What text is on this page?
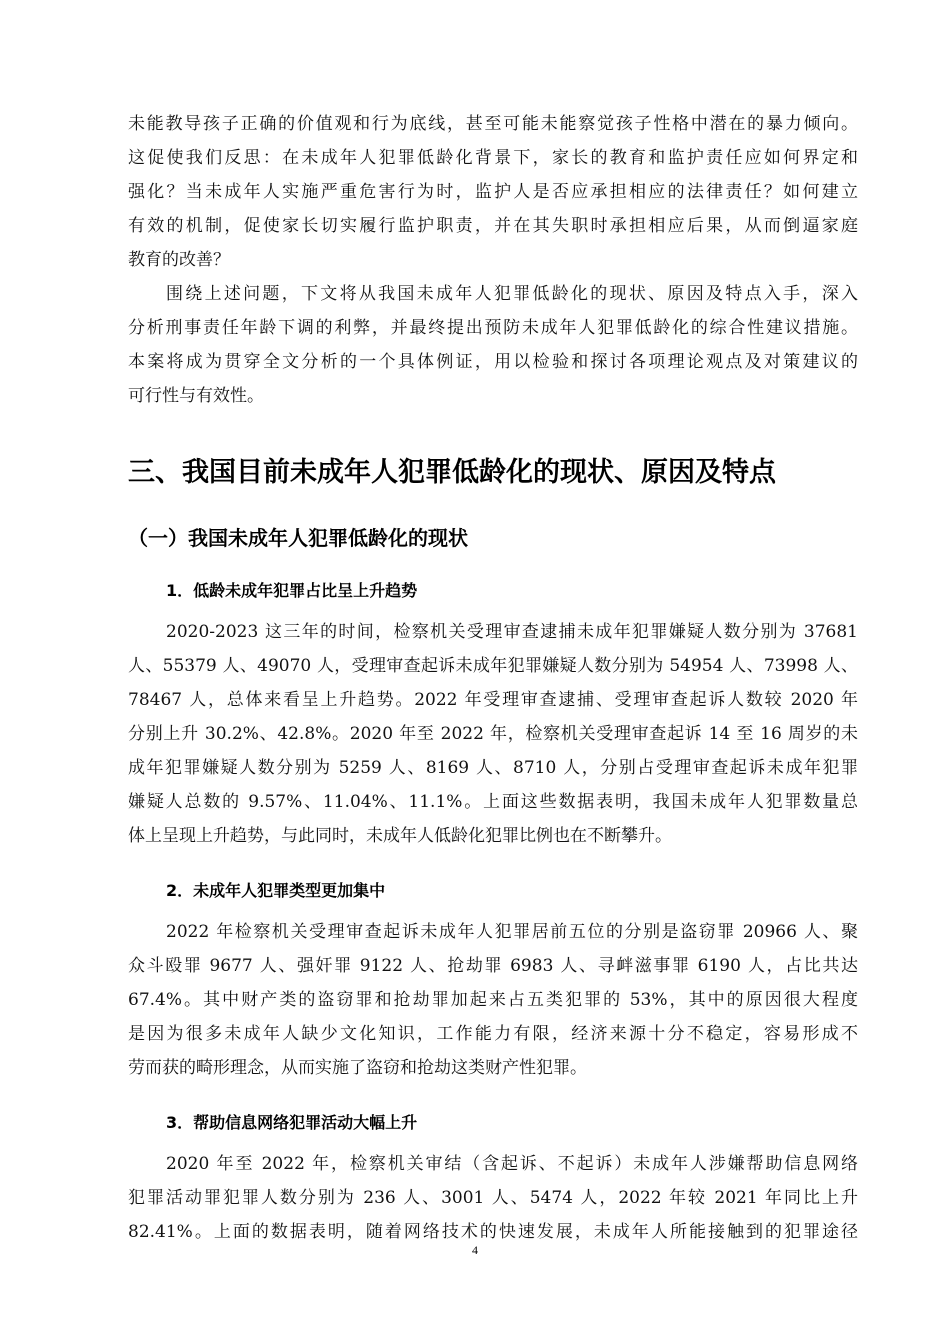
未能教导孩子正确的价值观和行为底线，甚至可能未能察觉孩子性格中潜在的暴力倾向。
这促使我们反思：在未成年人犯罪低龄化背景下，家长的教育和监护责任应如何界定和
强化？当未成年人实施严重危害行为时，监护人是否应承担相应的法律责任？如何建立
有效的机制，促使家长切实履行监护职责，并在其失职时承担相应后果，从而倒逼家庭
教育的改善？
围绕上述问题，下文将从我国未成年人犯罪低龄化的现状、原因及特点入手，深入
分析刑事责任年龄下调的利弊，并最终提出预防未成年人犯罪低龄化的综合性建议措施。
本案将成为贯穿全文分析的一个具体例证，用以检验和探讨各项理论观点及对策建议的
可行性与有效性。
三、我国目前未成年人犯罪低龄化的现状、原因及特点
（一）我国未成年人犯罪低龄化的现状
1．低龄未成年犯罪占比呈上升趋势
2020-2023 这三年的时间，检察机关受理审查逮捕未成年犯罪嫌疑人数分别为 37681
人、55379 人、49070 人，受理审查起诉未成年犯罪嫌疑人数分别为 54954 人、73998 人、
78467 人，总体来看呈上升趋势。2022 年受理审查逮捕、受理审查起诉人数较 2020 年
分别上升 30.2%、42.8%。2020 年至 2022 年，检察机关受理审查起诉 14 至 16 周岁的未
成年犯罪嫌疑人数分别为 5259 人、8169 人、8710 人，分别占受理审查起诉未成年犯罪
嫌疑人总数的 9.57%、11.04%、11.1%。上面这些数据表明，我国未成年人犯罪数量总
体上呈现上升趋势，与此同时，未成年人低龄化犯罪比例也在不断攀升。
2．未成年人犯罪类型更加集中
2022 年检察机关受理审查起诉未成年人犯罪居前五位的分别是盗窃罪 20966 人、聚
众斗殴罪 9677 人、强奸罪 9122 人、抢劫罪 6983 人、寻衅滋事罪 6190 人，占比共达
67.4%。其中财产类的盗窃罪和抢劫罪加起来占五类犯罪的 53%，其中的原因很大程度
是因为很多未成年人缺少文化知识，工作能力有限，经济来源十分不稳定，容易形成不
劳而获的畸形理念，从而实施了盗窃和抢劫这类财产性犯罪。
3．帮助信息网络犯罪活动大幅上升
2020 年至 2022 年，检察机关审结（含起诉、不起诉）未成年人涉嫌帮助信息网络
犯罪活动罪犯罪人数分别为 236 人、3001 人、5474 人，2022 年较 2021 年同比上升
82.41%。上面的数据表明，随着网络技术的快速发展，未成年人所能接触到的犯罪途径
4
